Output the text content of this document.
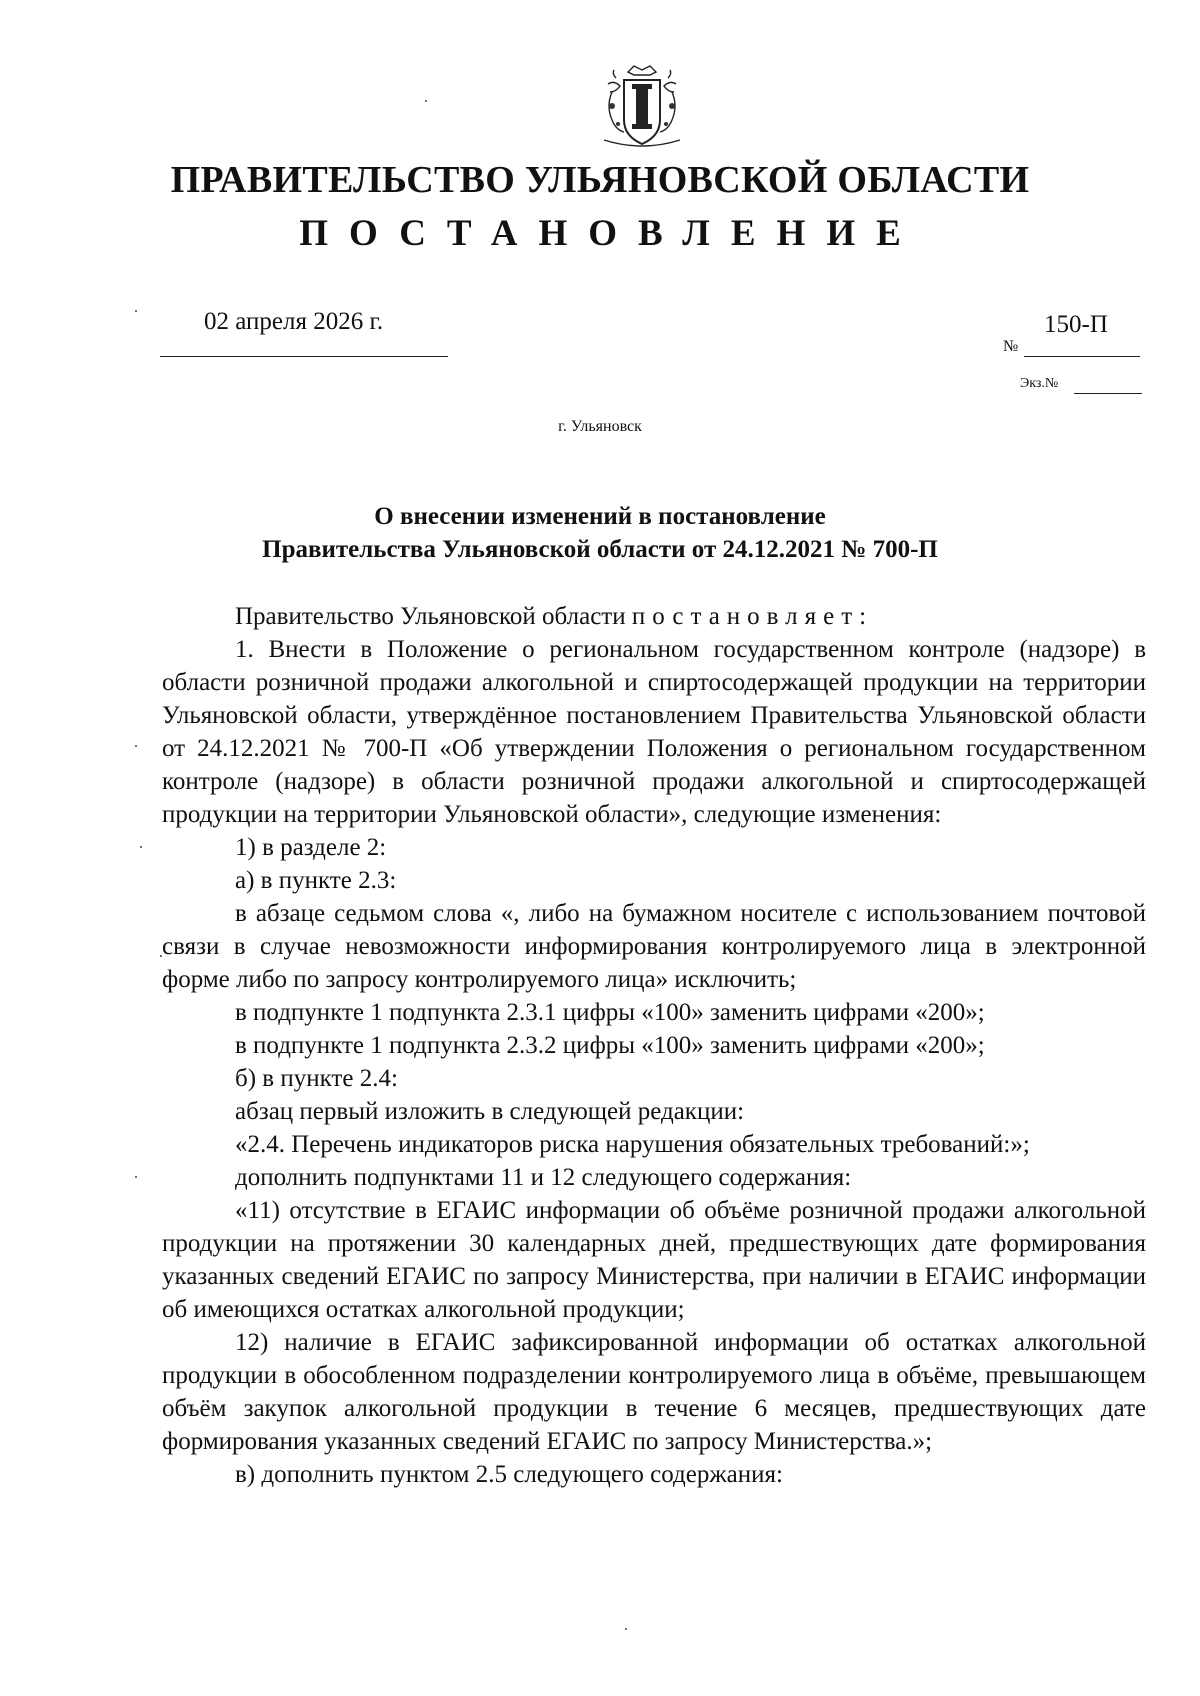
ПРАВИТЕЛЬСТВО УЛЬЯНОВСКОЙ ОБЛАСТИ
ПОСТАНОВЛЕНИЕ
02 апреля 2026 г.
№
150-П
Экз.№
г. Ульяновск
О внесении изменений в постановление
Правительства Ульяновской области от 24.12.2021 № 700-П

Правительство Ульяновской области постановляет:

1. Внести в Положение о региональном государственном контроле (надзоре) в области розничной продажи алкогольной и спиртосодержащей продукции на территории Ульяновской области, утверждённое постановлением Правительства Ульяновской области от 24.12.2021 № 700-П «Об утверждении Положения о региональном государственном контроле (надзоре) в области розничной продажи алкогольной и спиртосодержащей продукции на территории Ульяновской области», следующие изменения:

1) в разделе 2:

а) в пункте 2.3:

в абзаце седьмом слова «, либо на бумажном носителе с использованием почтовой связи в случае невозможности информирования контролируемого лица в электронной форме либо по запросу контролируемого лица» исключить;

в подпункте 1 подпункта 2.3.1 цифры «100» заменить цифрами «200»;

в подпункте 1 подпункта 2.3.2 цифры «100» заменить цифрами «200»;

б) в пункте 2.4:

абзац первый изложить в следующей редакции:

«2.4. Перечень индикаторов риска нарушения обязательных требований:»;

дополнить подпунктами 11 и 12 следующего содержания:

«11) отсутствие в ЕГАИС информации об объёме розничной продажи алкогольной продукции на протяжении 30 календарных дней, предшествующих дате формирования указанных сведений ЕГАИС по запросу Министерства, при наличии в ЕГАИС информации об имеющихся остатках алкогольной продукции;

12) наличие в ЕГАИС зафиксированной информации об остатках алкогольной продукции в обособленном подразделении контролируемого лица в объёме, превышающем объём закупок алкогольной продукции в течение 6 месяцев, предшествующих дате формирования указанных сведений ЕГАИС по запросу Министерства.»;

в) дополнить пунктом 2.5 следующего содержания:
